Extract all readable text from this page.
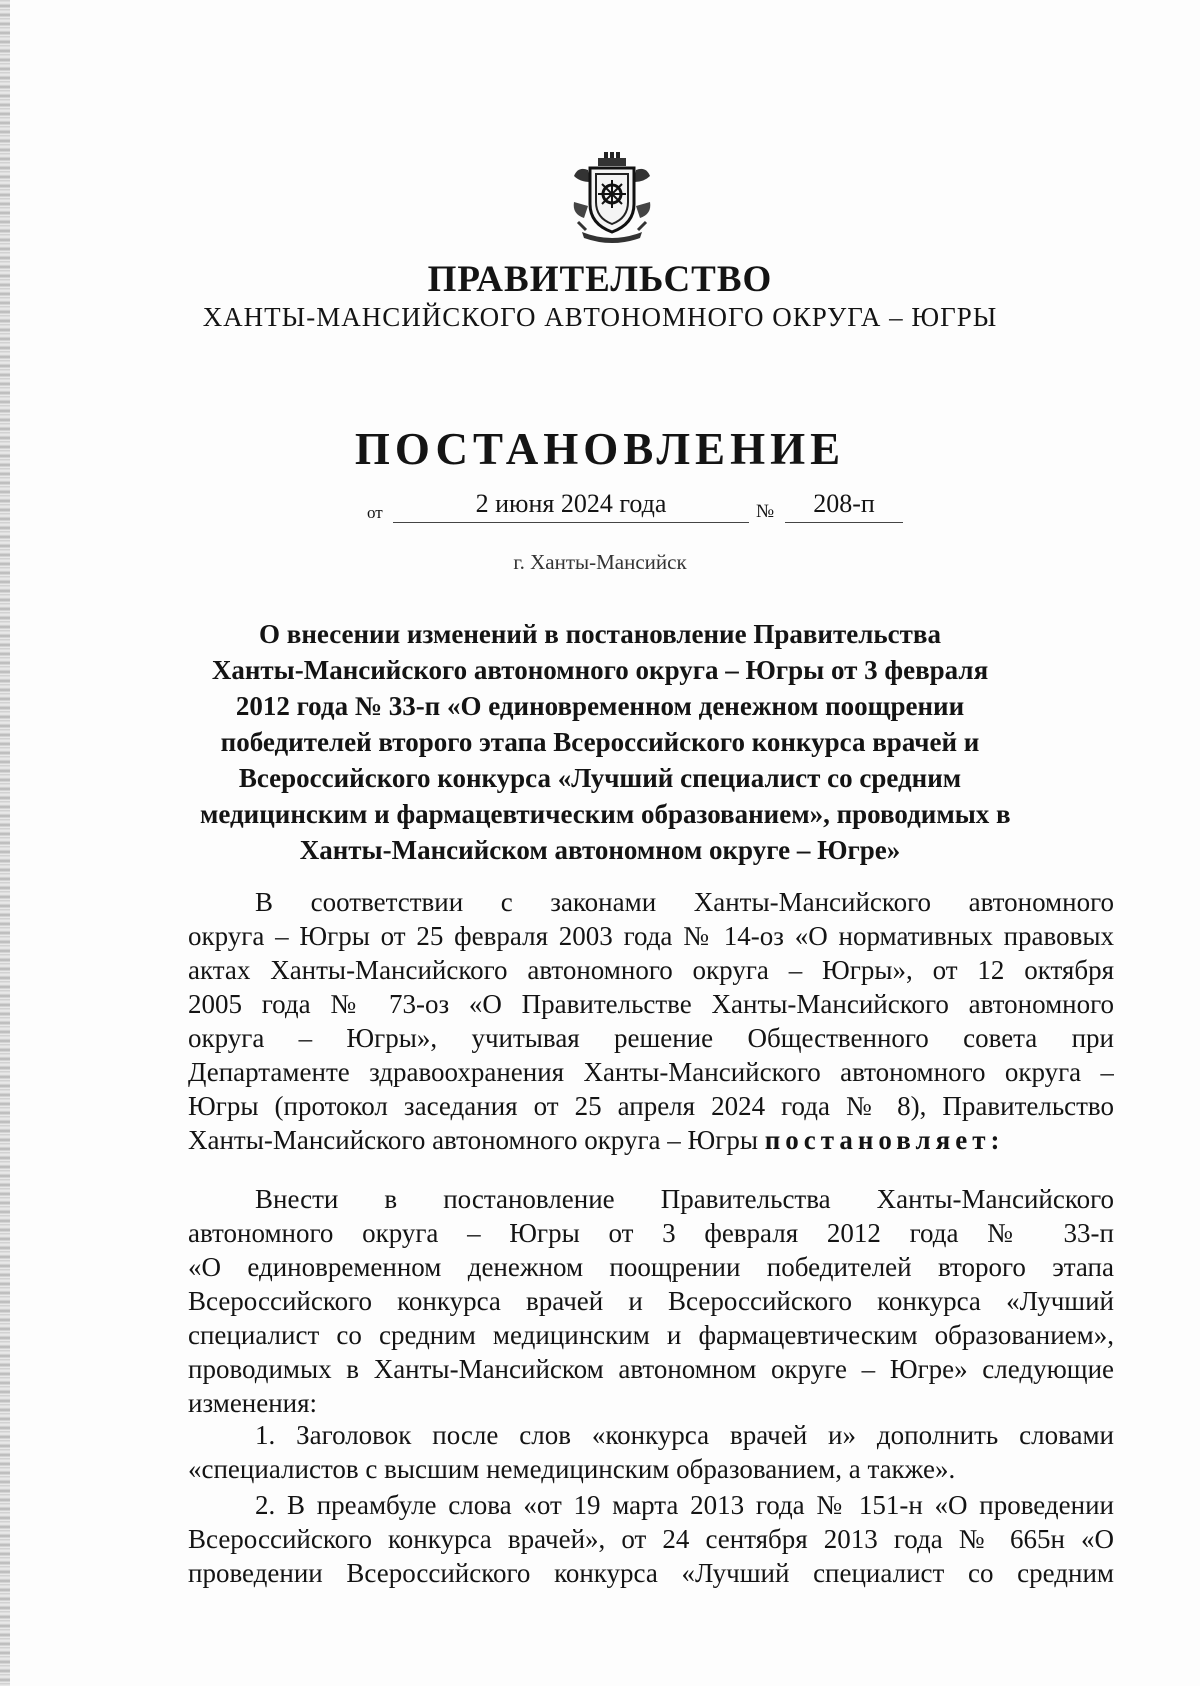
ПРАВИТЕЛЬСТВО
ХАНТЫ-МАНСИЙСКОГО АВТОНОМНОГО ОКРУГА – ЮГРЫ
ПОСТАНОВЛЕНИЕ
от	2 июня 2024 года	№	208-п
г. Ханты-Мансийск
О внесении изменений в постановление Правительства
Ханты-Мансийского автономного округа – Югры от 3 февраля
2012 года № 33-п «О единовременном денежном поощрении
победителей второго этапа Всероссийского конкурса врачей и
Всероссийского конкурса «Лучший специалист со средним
медицинским и фармацевтическим образованием», проводимых в
Ханты-Мансийском автономном округе – Югре»
В соответствии с законами Ханты-Мансийского автономного
округа – Югры от 25 февраля 2003 года № 14-оз «О нормативных правовых
актах Ханты-Мансийского автономного округа – Югры», от 12 октября
2005 года № 73-оз «О Правительстве Ханты-Мансийского автономного
округа – Югры», учитывая решение Общественного совета при
Департаменте здравоохранения Ханты-Мансийского автономного округа –
Югры (протокол заседания от 25 апреля 2024 года № 8), Правительство
Ханты-Мансийского автономного округа – Югры постановляет:
Внести в постановление Правительства Ханты-Мансийского
автономного округа – Югры от 3 февраля 2012 года № 33-п
«О единовременном денежном поощрении победителей второго этапа
Всероссийского конкурса врачей и Всероссийского конкурса «Лучший
специалист со средним медицинским и фармацевтическим образованием»,
проводимых в Ханты-Мансийском автономном округе – Югре» следующие
изменения:
1. Заголовок после слов «конкурса врачей и» дополнить словами
«специалистов с высшим немедицинским образованием, а также».
2. В преамбуле слова «от 19 марта 2013 года № 151-н «О проведении
Всероссийского конкурса врачей», от 24 сентября 2013 года № 665н «О
проведении Всероссийского конкурса «Лучший специалист со средним
